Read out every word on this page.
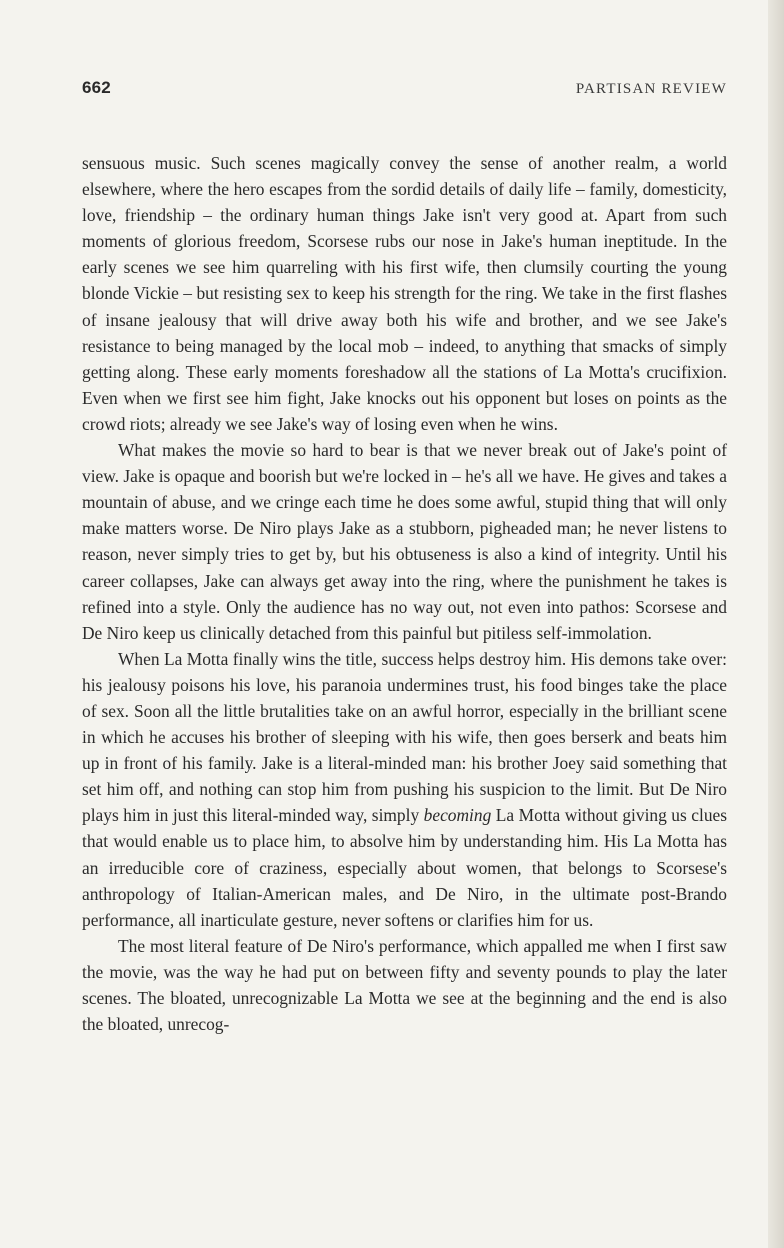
662	PARTISAN REVIEW

sensuous music. Such scenes magically convey the sense of another realm, a world elsewhere, where the hero escapes from the sordid details of daily life – family, domesticity, love, friendship – the ordinary human things Jake isn't very good at. Apart from such moments of glorious freedom, Scorsese rubs our nose in Jake's human ineptitude. In the early scenes we see him quarreling with his first wife, then clumsily courting the young blonde Vickie – but resisting sex to keep his strength for the ring. We take in the first flashes of insane jealousy that will drive away both his wife and brother, and we see Jake's resistance to being managed by the local mob – indeed, to anything that smacks of simply getting along. These early moments foreshadow all the stations of La Motta's crucifixion. Even when we first see him fight, Jake knocks out his opponent but loses on points as the crowd riots; already we see Jake's way of losing even when he wins.

What makes the movie so hard to bear is that we never break out of Jake's point of view. Jake is opaque and boorish but we're locked in – he's all we have. He gives and takes a mountain of abuse, and we cringe each time he does some awful, stupid thing that will only make matters worse. De Niro plays Jake as a stubborn, pigheaded man; he never listens to reason, never simply tries to get by, but his obtuseness is also a kind of integrity. Until his career collapses, Jake can always get away into the ring, where the punishment he takes is refined into a style. Only the audience has no way out, not even into pathos: Scorsese and De Niro keep us clinically detached from this painful but pitiless self-immolation.

When La Motta finally wins the title, success helps destroy him. His demons take over: his jealousy poisons his love, his paranoia undermines trust, his food binges take the place of sex. Soon all the little brutalities take on an awful horror, especially in the brilliant scene in which he accuses his brother of sleeping with his wife, then goes berserk and beats him up in front of his family. Jake is a literal-minded man: his brother Joey said something that set him off, and nothing can stop him from pushing his suspicion to the limit. But De Niro plays him in just this literal-minded way, simply becoming La Motta without giving us clues that would enable us to place him, to absolve him by understanding him. His La Motta has an irreducible core of craziness, especially about women, that belongs to Scorsese's anthropology of Italian-American males, and De Niro, in the ultimate post-Brando performance, all inarticulate gesture, never softens or clarifies him for us.

The most literal feature of De Niro's performance, which appalled me when I first saw the movie, was the way he had put on between fifty and seventy pounds to play the later scenes. The bloated, unrecognizable La Motta we see at the beginning and the end is also the bloated, unrecog-
